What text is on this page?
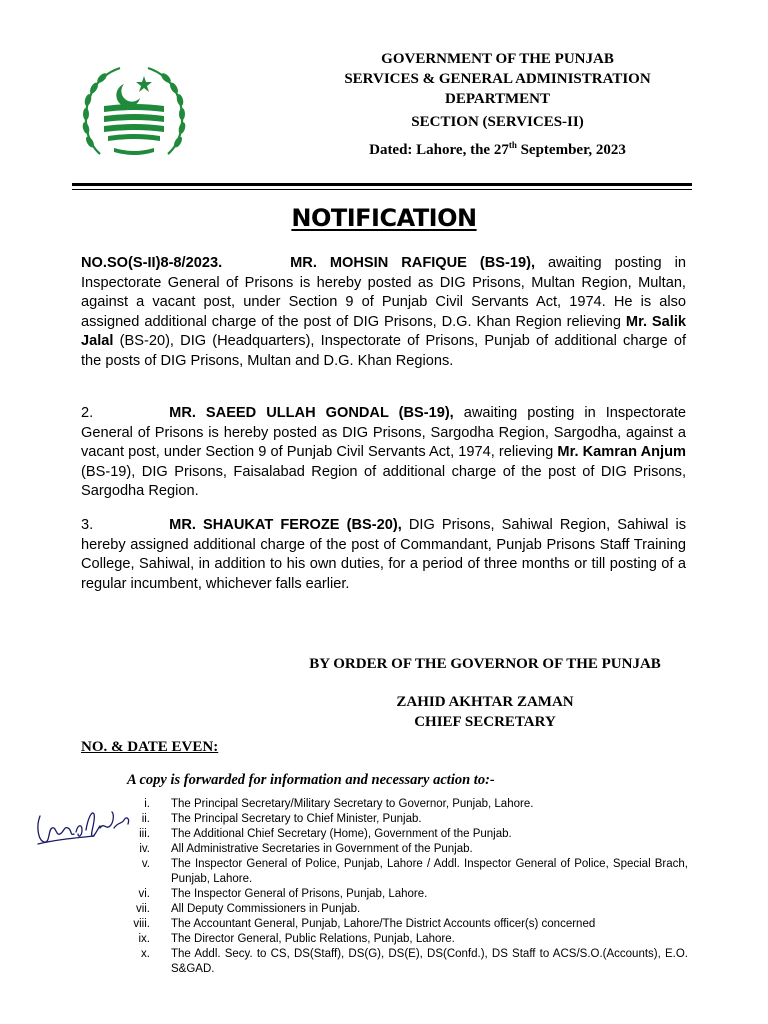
GOVERNMENT OF THE PUNJAB
SERVICES & GENERAL ADMINISTRATION
DEPARTMENT
SECTION (SERVICES-II)
Dated: Lahore, the 27th September, 2023
NOTIFICATION
NO.SO(S-II)8-8/2023.	MR. MOHSIN RAFIQUE (BS-19), awaiting posting in Inspectorate General of Prisons is hereby posted as DIG Prisons, Multan Region, Multan, against a vacant post, under Section 9 of Punjab Civil Servants Act, 1974. He is also assigned additional charge of the post of DIG Prisons, D.G. Khan Region relieving Mr. Salik Jalal (BS-20), DIG (Headquarters), Inspectorate of Prisons, Punjab of additional charge of the posts of DIG Prisons, Multan and D.G. Khan Regions.
2.	MR. SAEED ULLAH GONDAL (BS-19), awaiting posting in Inspectorate General of Prisons is hereby posted as DIG Prisons, Sargodha Region, Sargodha, against a vacant post, under Section 9 of Punjab Civil Servants Act, 1974, relieving Mr. Kamran Anjum (BS-19), DIG Prisons, Faisalabad Region of additional charge of the post of DIG Prisons, Sargodha Region.
3.	MR. SHAUKAT FEROZE (BS-20), DIG Prisons, Sahiwal Region, Sahiwal is hereby assigned additional charge of the post of Commandant, Punjab Prisons Staff Training College, Sahiwal, in addition to his own duties, for a period of three months or till posting of a regular incumbent, whichever falls earlier.
BY ORDER OF THE GOVERNOR OF THE PUNJAB
ZAHID AKHTAR ZAMAN
CHIEF SECRETARY
NO. & DATE EVEN:
A copy is forwarded for information and necessary action to:-
i.	The Principal Secretary/Military Secretary to Governor, Punjab, Lahore.
ii.	The Principal Secretary to Chief Minister, Punjab.
iii.	The Additional Chief Secretary (Home), Government of the Punjab.
iv.	All Administrative Secretaries in Government of the Punjab.
v.	The Inspector General of Police, Punjab, Lahore / Addl. Inspector General of Police, Special Brach, Punjab, Lahore.
vi.	The Inspector General of Prisons, Punjab, Lahore.
vii.	All Deputy Commissioners in Punjab.
viii.	The Accountant General, Punjab, Lahore/The District Accounts officer(s) concerned
ix.	The Director General, Public Relations, Punjab, Lahore.
x.	The Addl. Secy. to CS, DS(Staff), DS(G), DS(E), DS(Confd.), DS Staff to ACS/S.O.(Accounts), E.O. S&GAD.
